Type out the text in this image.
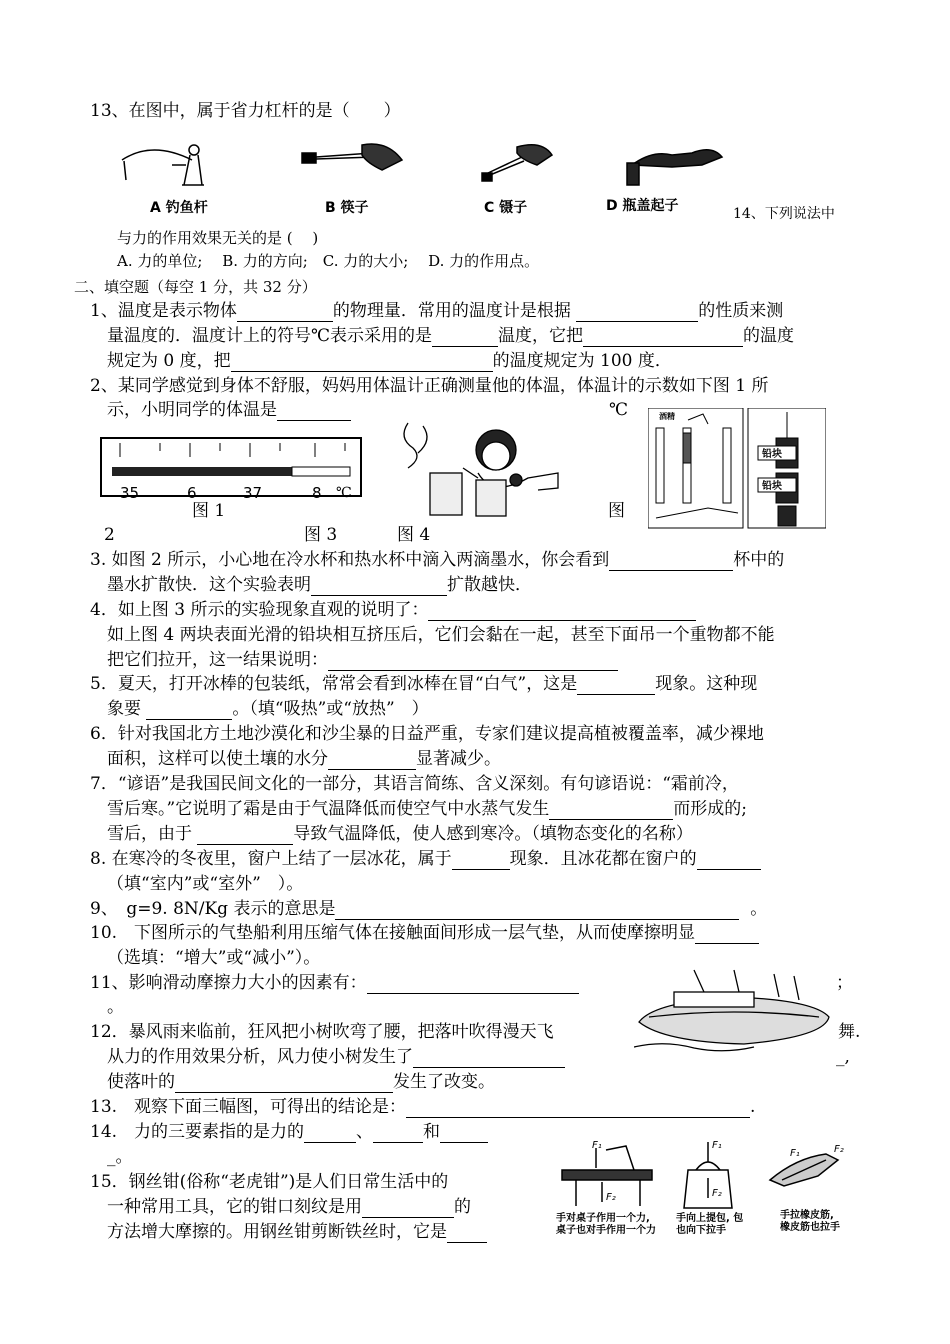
13、在图中，属于省力杠杆的是（　　）
A 钓鱼杆	B 筷子	C 镊子	D 瓶盖起子	14、下列说法中
与力的作用效果无关的是 (　 )
A. 力的单位;　 B. 力的方向;　C. 力的大小;　 D. 力的作用点。
二、填空题（每空 1 分，共 32 分）
1、温度是表示物体	的物理量．常用的温度计是根据	的性质来测
量温度的．温度计上的符号℃表示采用的是	温度，它把	的温度
规定为 0 度，把	的温度规定为 100 度．
2、某同学感觉到身体不舒服，妈妈用体温计正确测量他的体温，体温计的示数如下图 1 所
示，小明同学的体温是	℃
35	6	37	8 ℃
酒精
铅块
铅块
图 1	图
2	图 3	图 4
3. 如图 2 所示，小心地在冷水杯和热水杯中滴入两滴墨水，你会看到	杯中的
墨水扩散快．这个实验表明	扩散越快．
4．如上图 3 所示的实验现象直观的说明了：
如上图 4 两块表面光滑的铅块相互挤压后，它们会黏在一起，甚至下面吊一个重物都不能
把它们拉开，这一结果说明：
5．夏天，打开冰棒的包装纸，常常会看到冰棒在冒“白气”，这是	现象。这种现
象要	。（填“吸热”或“放热”　）
6．针对我国北方土地沙漠化和沙尘暴的日益严重，专家们建议提高植被覆盖率，减少裸地
面积，这样可以使土壤的水分	显著减少。
7．“谚语”是我国民间文化的一部分，其语言简练、含义深刻。有句谚语说：“霜前冷，
雪后寒。”它说明了霜是由于气温降低而使空气中水蒸气发生	而形成的;
雪后，由于	导致气温降低，使人感到寒冷。（填物态变化的名称）
8. 在寒冷的冬夜里，窗户上结了一层冰花，属于	现象．且冰花都在窗户的
（填“室内”或“室外”　）。
9、　g=9. 8N/Kg 表示的意思是	。
10.　下图所示的气垫船利用压缩气体在接触面间形成一层气垫，从而使摩擦明显
（选填：“增大”或“减小”）。
11、影响滑动摩擦力大小的因素有：	；
。
12．暴风雨来临前，狂风把小树吹弯了腰，把落叶吹得漫天飞	舞.
从力的作用效果分析，风力使小树发生了	_,
使落叶的	发生了改变。
13.　观察下面三幅图，可得出的结论是：	.
14.　力的三要素指的是力的	、	和
_。
15．钢丝钳(俗称“老虎钳”)是人们日常生活中的
一种常用工具，它的钳口刻纹是用	的
方法增大摩擦的。用钢丝钳剪断铁丝时，它是
F₁
F₂
F₁
F₂
F₁	F₂
手对桌子作用一个力,
桌子也对手作用一个力
手向上提包, 包
也向下拉手
手拉橡皮筋,
橡皮筋也拉手
